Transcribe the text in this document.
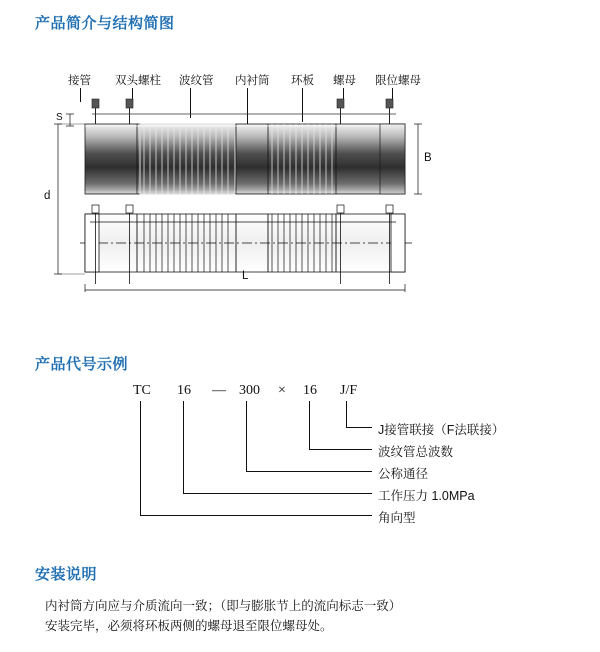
产品简介与结构简图
产品代号示例
安装说明
接管 双头螺柱 波纹管 内衬筒 环板 螺母 限位螺母
S
d
B
L
TC 16 — 300 × 16 J/F
J接管联接（F法联接）
波纹管总波数
公称通径
工作压力 1.0MPa
角向型
内衬筒方向应与介质流向一致；（即与膨胀节上的流向标志一致）
安装完毕，必须将环板两侧的螺母退至限位螺母处。
